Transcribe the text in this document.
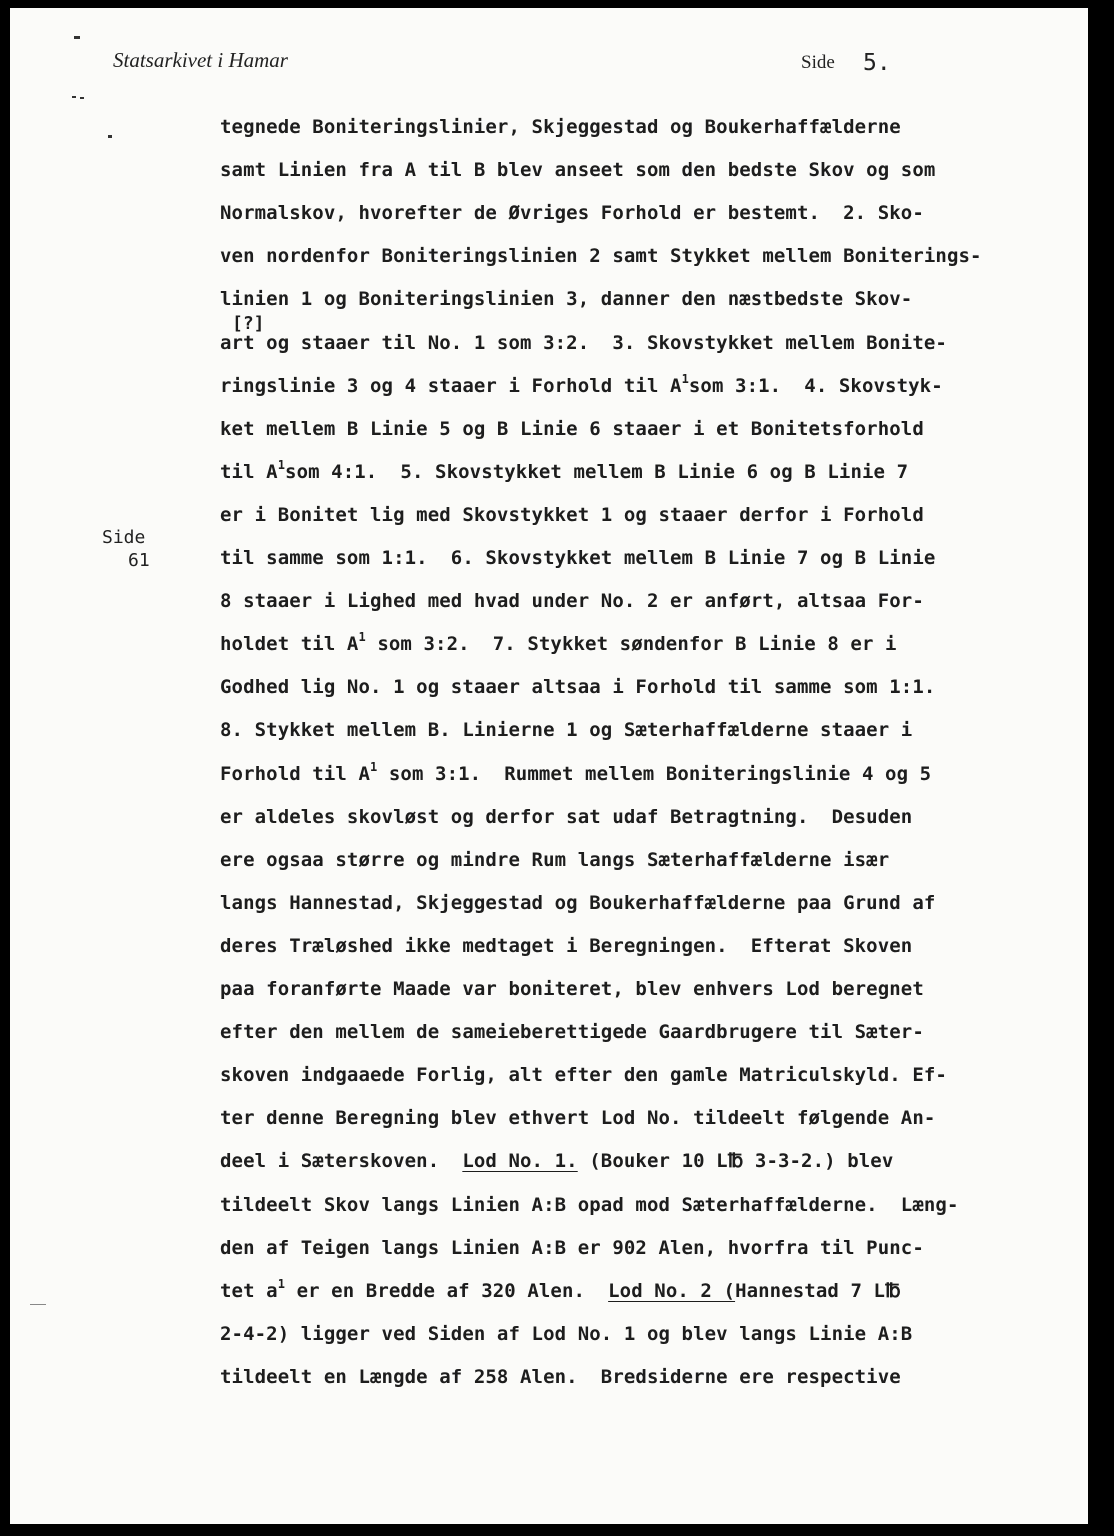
Statsarkivet i Hamar	Side 5.
Side
61
[?]
tegnede Boniteringslinier, Skjeggestad og Boukerhaffælderne
samt Linien fra A til B blev anseet som den bedste Skov og som
Normalskov, hvorefter de Øvriges Forhold er bestemt.  2. Sko-
ven nordenfor Boniteringslinien 2 samt Stykket mellem Boniterings-
linien 1 og Boniteringslinien 3, danner den næstbedste Skov-
art og staaer til No. 1 som 3:2.  3. Skovstykket mellem Bonite-
ringslinie 3 og 4 staaer i Forhold til $A^1som$ 3:1.  4. Skovstyk-
ket mellem B Linie 5 og B Linie 6 staaer i et Bonitetsforhold
til $A^1som$ 4:1.  5. Skovstykket mellem B Linie 6 og B Linie 7
er i Bonitet lig med Skovstykket 1 og staaer derfor i Forhold
til samme som 1:1.  6. Skovstykket mellem B Linie 7 og B Linie
8 staaer i Lighed med hvad under No. 2 er anført, altsaa For-
holdet til $A^1$ som 3:2.  7. Stykket søndenfor B Linie 8 er i
Godhed lig No. 1 og staaer altsaa i Forhold til samme som 1:1.
8. Stykket mellem B. Linierne 1 og Sæterhaffælderne staaer i
Forhold til $A^1$ som 3:1.  Rummet mellem Boniteringslinie 4 og 5
er aldeles skovløst og derfor sat udaf Betragtning.  Desuden
ere ogsaa større og mindre Rum langs Sæterhaffælderne især
langs Hannestad, Skjeggestad og Boukerhaffælderne paa Grund af
deres Træløshed ikke medtaget i Beregningen.  Efterat Skoven
paa foranførte Maade var boniteret, blev enhvers Lod beregnet
efter den mellem de sameieberettigede Gaardbrugere til Sæter-
skoven indgaaede Forlig, alt efter den gamle Matriculskyld. Ef-
ter denne Beregning blev ethvert Lod No. tildeelt følgende An-
deel i Sæterskoven.  Lod No. 1. (Bouker 10 L℔ 3-3-2.) blev
tildeelt Skov langs Linien A:B opad mod Sæterhaffælderne.  Læng-
den af Teigen langs Linien A:B er 902 Alen, hvorfra til Punc-
tet $a^1$ er en Bredde af 320 Alen.  Lod No. 2 (Hannestad 7 L℔
2-4-2) ligger ved Siden af Lod No. 1 og blev langs Linie A:B
tildeelt en Længde af 258 Alen.  Bredsiderne ere respective
